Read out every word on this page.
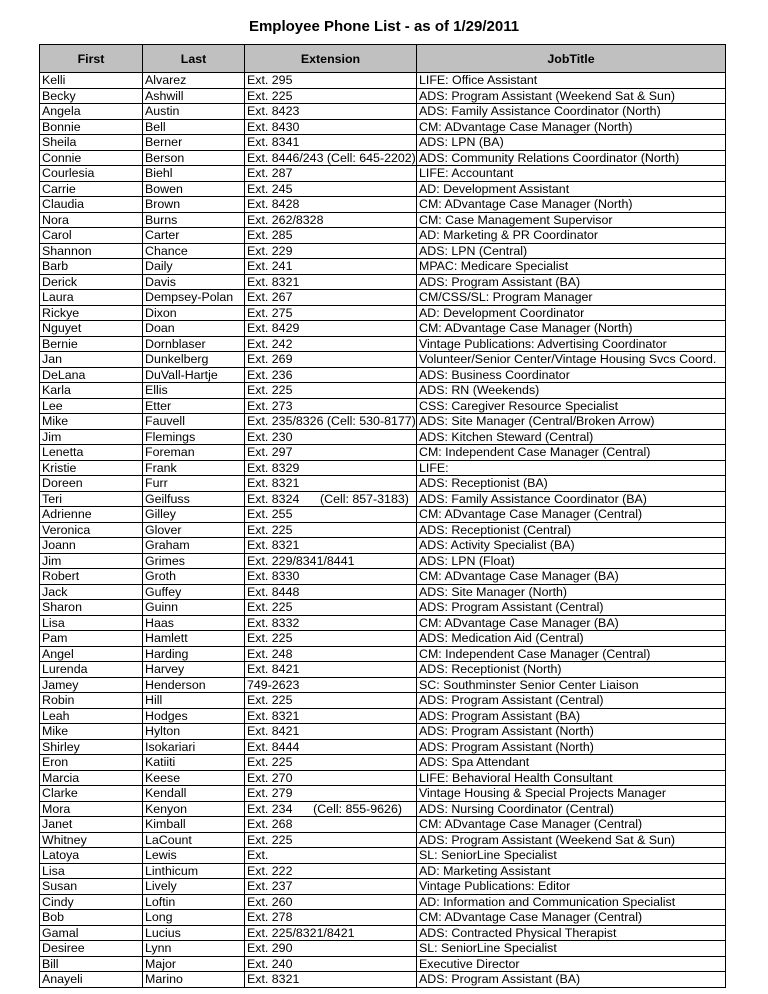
Employee Phone List - as of 1/29/2011
First	Last	Extension	JobTitle
Kelli	Alvarez	Ext. 295	LIFE: Office Assistant
Becky	Ashwill	Ext. 225	ADS: Program Assistant (Weekend Sat & Sun)
Angela	Austin	Ext. 8423	ADS: Family Assistance Coordinator (North)
Bonnie	Bell	Ext. 8430	CM: ADvantage Case Manager (North)
Sheila	Berner	Ext. 8341	ADS: LPN (BA)
Connie	Berson	Ext. 8446/243 (Cell: 645-2202)	ADS: Community Relations Coordinator (North)
Courlesia	Biehl	Ext. 287	LIFE: Accountant
Carrie	Bowen	Ext. 245	AD: Development Assistant
Claudia	Brown	Ext. 8428	CM: ADvantage Case Manager (North)
Nora	Burns	Ext. 262/8328	CM: Case Management Supervisor
Carol	Carter	Ext. 285	AD: Marketing & PR Coordinator
Shannon	Chance	Ext. 229	ADS: LPN (Central)
Barb	Daily	Ext. 241	MPAC: Medicare Specialist
Derick	Davis	Ext. 8321	ADS: Program Assistant (BA)
Laura	Dempsey-Polan	Ext. 267	CM/CSS/SL: Program Manager
Rickye	Dixon	Ext. 275	AD: Development Coordinator
Nguyet	Doan	Ext. 8429	CM: ADvantage Case Manager (North)
Bernie	Dornblaser	Ext. 242	Vintage Publications: Advertising Coordinator
Jan	Dunkelberg	Ext. 269	Volunteer/Senior Center/Vintage Housing Svcs Coord.
DeLana	DuVall-Hartje	Ext. 236	ADS: Business Coordinator
Karla	Ellis	Ext. 225	ADS: RN (Weekends)
Lee	Etter	Ext. 273	CSS: Caregiver Resource Specialist
Mike	Fauvell	Ext. 235/8326 (Cell: 530-8177)	ADS: Site Manager (Central/Broken Arrow)
Jim	Flemings	Ext. 230	ADS: Kitchen Steward (Central)
Lenetta	Foreman	Ext. 297	CM: Independent Case Manager (Central)
Kristie	Frank	Ext. 8329	LIFE:
Doreen	Furr	Ext. 8321	ADS: Receptionist (BA)
Teri	Geilfuss	Ext. 8324      (Cell: 857-3183)	ADS: Family Assistance Coordinator (BA)
Adrienne	Gilley	Ext. 255	CM: ADvantage Case Manager (Central)
Veronica	Glover	Ext. 225	ADS: Receptionist (Central)
Joann	Graham	Ext. 8321	ADS: Activity Specialist (BA)
Jim	Grimes	Ext. 229/8341/8441	ADS: LPN (Float)
Robert	Groth	Ext. 8330	CM: ADvantage Case Manager (BA)
Jack	Guffey	Ext. 8448	ADS: Site Manager (North)
Sharon	Guinn	Ext. 225	ADS: Program Assistant (Central)
Lisa	Haas	Ext. 8332	CM: ADvantage Case Manager (BA)
Pam	Hamlett	Ext. 225	ADS: Medication Aid (Central)
Angel	Harding	Ext. 248	CM: Independent Case Manager (Central)
Lurenda	Harvey	Ext. 8421	ADS: Receptionist (North)
Jamey	Henderson	749-2623	SC: Southminster Senior Center Liaison
Robin	Hill	Ext. 225	ADS: Program Assistant (Central)
Leah	Hodges	Ext. 8321	ADS: Program Assistant (BA)
Mike	Hylton	Ext. 8421	ADS: Program Assistant (North)
Shirley	Isokariari	Ext. 8444	ADS: Program Assistant (North)
Eron	Katiiti	Ext. 225	ADS: Spa Attendant
Marcia	Keese	Ext. 270	LIFE: Behavioral Health Consultant
Clarke	Kendall	Ext. 279	Vintage Housing & Special Projects Manager
Mora	Kenyon	Ext. 234      (Cell: 855-9626)	ADS: Nursing Coordinator (Central)
Janet	Kimball	Ext. 268	CM: ADvantage Case Manager (Central)
Whitney	LaCount	Ext. 225	ADS: Program Assistant (Weekend Sat & Sun)
Latoya	Lewis	Ext.	SL: SeniorLine Specialist
Lisa	Linthicum	Ext. 222	AD: Marketing Assistant
Susan	Lively	Ext. 237	Vintage Publications: Editor
Cindy	Loftin	Ext. 260	AD: Information and Communication Specialist
Bob	Long	Ext. 278	CM: ADvantage Case Manager (Central)
Gamal	Lucius	Ext. 225/8321/8421	ADS: Contracted Physical Therapist
Desiree	Lynn	Ext. 290	SL: SeniorLine Specialist
Bill	Major	Ext. 240	Executive Director
Anayeli	Marino	Ext. 8321	ADS: Program Assistant (BA)
